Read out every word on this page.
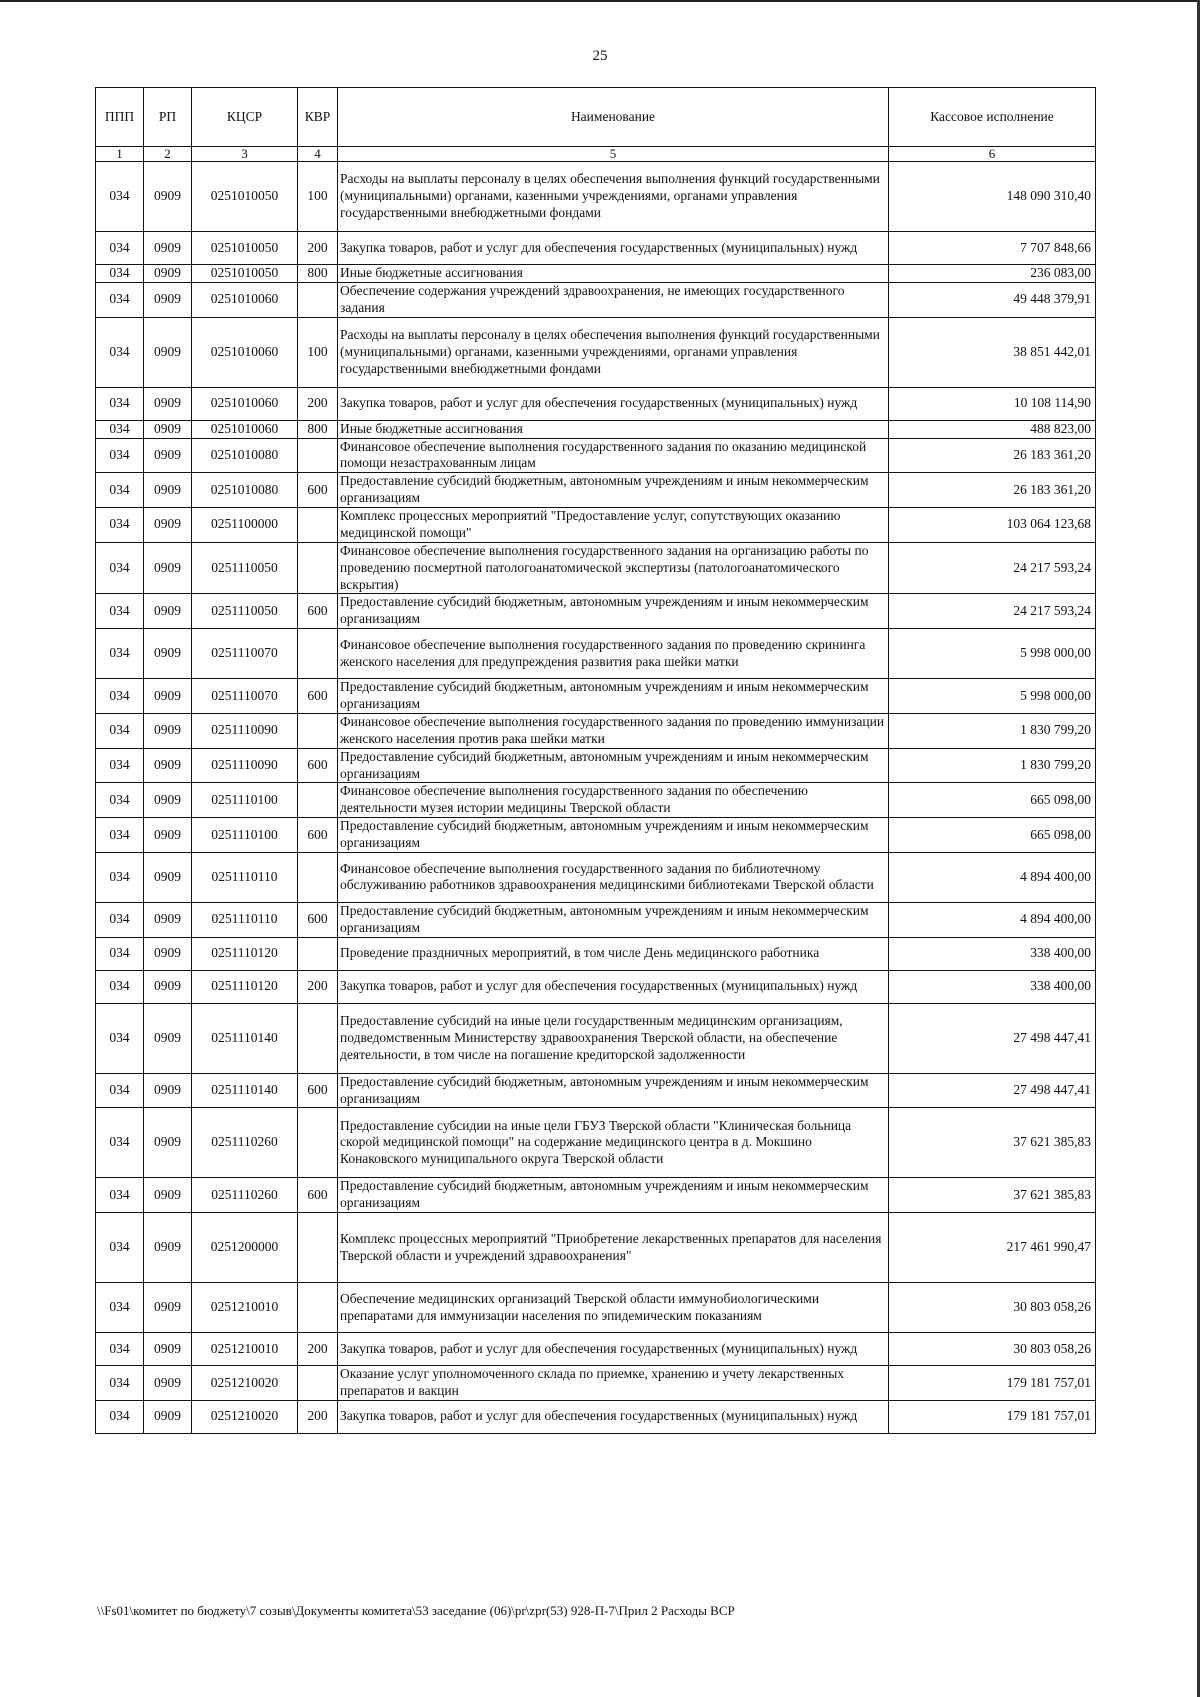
25
ППП	РП	КЦСР	КВР	Наименование	Кассовое исполнение
1	2	3	4	5	6
034	0909	0251010050	100	Расходы на выплаты персоналу в целях обеспечения выполнения функций государственными (муниципальными) органами, казенными учреждениями, органами управления государственными внебюджетными фондами	148 090 310,40
034	0909	0251010050	200	Закупка товаров, работ и услуг для обеспечения государственных (муниципальных) нужд	7 707 848,66
034	0909	0251010050	800	Иные бюджетные ассигнования	236 083,00
034	0909	0251010060		Обеспечение содержания учреждений здравоохранения, не имеющих государственного задания	49 448 379,91
034	0909	0251010060	100	Расходы на выплаты персоналу в целях обеспечения выполнения функций государственными (муниципальными) органами, казенными учреждениями, органами управления государственными внебюджетными фондами	38 851 442,01
034	0909	0251010060	200	Закупка товаров, работ и услуг для обеспечения государственных (муниципальных) нужд	10 108 114,90
034	0909	0251010060	800	Иные бюджетные ассигнования	488 823,00
034	0909	0251010080		Финансовое обеспечение выполнения государственного задания по оказанию медицинской помощи незастрахованным лицам	26 183 361,20
034	0909	0251010080	600	Предоставление субсидий бюджетным, автономным учреждениям и иным некоммерческим организациям	26 183 361,20
034	0909	0251100000		Комплекс процессных мероприятий "Предоставление услуг, сопутствующих оказанию медицинской помощи"	103 064 123,68
034	0909	0251110050		Финансовое обеспечение выполнения государственного задания на организацию работы по проведению посмертной патологоанатомической экспертизы (патологоанатомического вскрытия)	24 217 593,24
034	0909	0251110050	600	Предоставление субсидий бюджетным, автономным учреждениям и иным некоммерческим организациям	24 217 593,24
034	0909	0251110070		Финансовое обеспечение выполнения государственного задания по проведению скрининга женского населения для предупреждения развития рака шейки матки	5 998 000,00
034	0909	0251110070	600	Предоставление субсидий бюджетным, автономным учреждениям и иным некоммерческим организациям	5 998 000,00
034	0909	0251110090		Финансовое обеспечение выполнения государственного задания по проведению иммунизации женского населения против рака шейки матки	1 830 799,20
034	0909	0251110090	600	Предоставление субсидий бюджетным, автономным учреждениям и иным некоммерческим организациям	1 830 799,20
034	0909	0251110100		Финансовое обеспечение выполнения государственного задания по обеспечению деятельности музея истории медицины Тверской области	665 098,00
034	0909	0251110100	600	Предоставление субсидий бюджетным, автономным учреждениям и иным некоммерческим организациям	665 098,00
034	0909	0251110110		Финансовое обеспечение выполнения государственного задания по библиотечному обслуживанию работников здравоохранения медицинскими библиотеками Тверской области	4 894 400,00
034	0909	0251110110	600	Предоставление субсидий бюджетным, автономным учреждениям и иным некоммерческим организациям	4 894 400,00
034	0909	0251110120		Проведение праздничных мероприятий, в том числе День медицинского работника	338 400,00
034	0909	0251110120	200	Закупка товаров, работ и услуг для обеспечения государственных (муниципальных) нужд	338 400,00
034	0909	0251110140		Предоставление субсидий на иные цели государственным медицинским организациям, подведомственным Министерству здравоохранения Тверской области, на обеспечение деятельности, в том числе на погашение кредиторской задолженности	27 498 447,41
034	0909	0251110140	600	Предоставление субсидий бюджетным, автономным учреждениям и иным некоммерческим организациям	27 498 447,41
034	0909	0251110260		Предоставление субсидии на иные цели ГБУЗ Тверской области "Клиническая больница скорой медицинской помощи" на содержание медицинского центра в д. Мокшино Конаковского муниципального округа Тверской области	37 621 385,83
034	0909	0251110260	600	Предоставление субсидий бюджетным, автономным учреждениям и иным некоммерческим организациям	37 621 385,83
034	0909	0251200000		Комплекс процессных мероприятий "Приобретение лекарственных препаратов для населения Тверской области и учреждений здравоохранения"	217 461 990,47
034	0909	0251210010		Обеспечение медицинских организаций Тверской области иммунобиологическими препаратами для иммунизации населения по эпидемическим показаниям	30 803 058,26
034	0909	0251210010	200	Закупка товаров, работ и услуг для обеспечения государственных (муниципальных) нужд	30 803 058,26
034	0909	0251210020		Оказание услуг уполномоченного склада по приемке, хранению и учету лекарственных препаратов и вакцин	179 181 757,01
034	0909	0251210020	200	Закупка товаров, работ и услуг для обеспечения государственных (муниципальных) нужд	179 181 757,01
\\Fs01\комитет по бюджету\7 созыв\Документы комитета\53 заседание (06)\pr\zpr(53) 928-П-7\Прил 2 Расходы ВСР
